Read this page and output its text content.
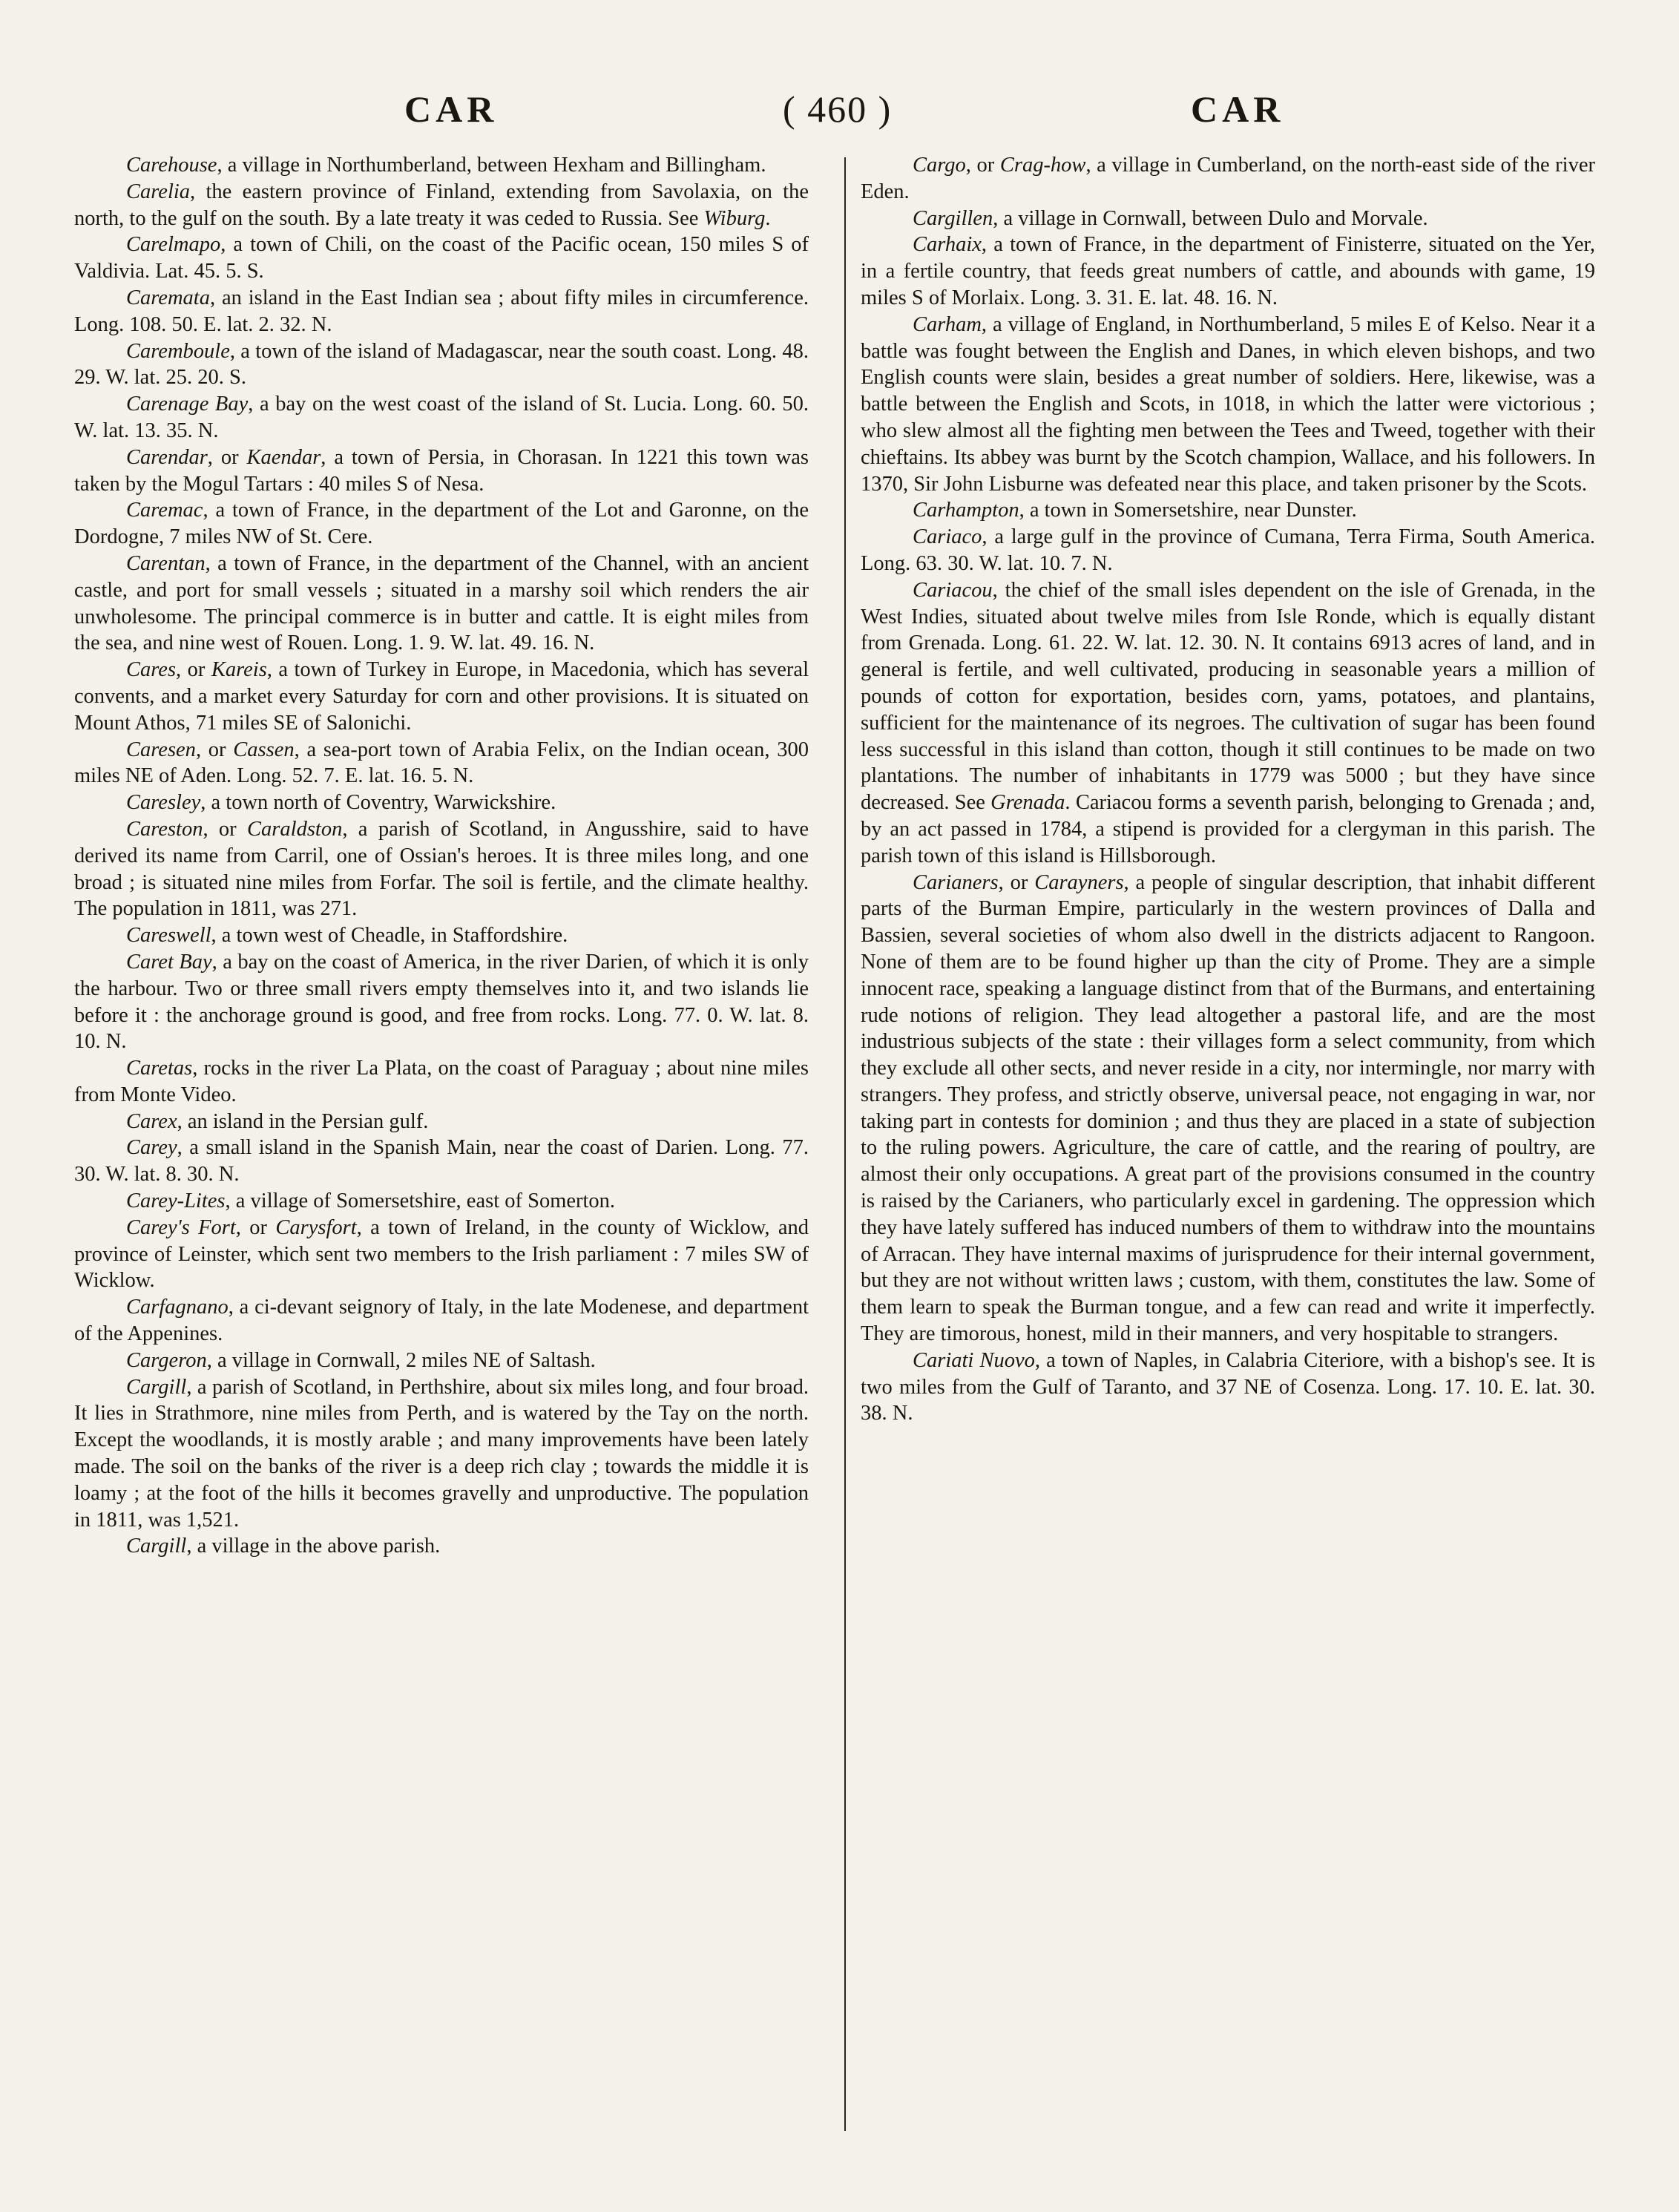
CAR	( 460 )	CAR

Carehouse, a village in Northumberland, between Hexham and Billingham.

Carelia, the eastern province of Finland, extending from Savolaxia, on the north, to the gulf on the south. By a late treaty it was ceded to Russia. See Wiburg.

Carelmapo, a town of Chili, on the coast of the Pacific ocean, 150 miles S of Valdivia. Lat. 45. 5. S.

Caremata, an island in the East Indian sea ; about fifty miles in circumference. Long. 108. 50. E. lat. 2. 32. N.

Caremboule, a town of the island of Madagascar, near the south coast. Long. 48. 29. W. lat. 25. 20. S.

Carenage Bay, a bay on the west coast of the island of St. Lucia. Long. 60. 50. W. lat. 13. 35. N.

Carendar, or Kaendar, a town of Persia, in Chorasan. In 1221 this town was taken by the Mogul Tartars : 40 miles S of Nesa.

Caremac, a town of France, in the department of the Lot and Garonne, on the Dordogne, 7 miles NW of St. Cere.

Carentan, a town of France, in the department of the Channel, with an ancient castle, and port for small vessels ; situated in a marshy soil which renders the air unwholesome. The principal commerce is in butter and cattle. It is eight miles from the sea, and nine west of Rouen. Long. 1. 9. W. lat. 49. 16. N.

Cares, or Kareis, a town of Turkey in Europe, in Macedonia, which has several convents, and a market every Saturday for corn and other provisions. It is situated on Mount Athos, 71 miles SE of Salonichi.

Caresen, or Cassen, a sea-port town of Arabia Felix, on the Indian ocean, 300 miles NE of Aden. Long. 52. 7. E. lat. 16. 5. N.

Caresley, a town north of Coventry, Warwickshire.

Careston, or Caraldston, a parish of Scotland, in Angusshire, said to have derived its name from Carril, one of Ossian's heroes. It is three miles long, and one broad ; is situated nine miles from Forfar. The soil is fertile, and the climate healthy. The population in 1811, was 271.

Careswell, a town west of Cheadle, in Staffordshire.

Caret Bay, a bay on the coast of America, in the river Darien, of which it is only the harbour. Two or three small rivers empty themselves into it, and two islands lie before it : the anchorage ground is good, and free from rocks. Long. 77. 0. W. lat. 8. 10. N.

Caretas, rocks in the river La Plata, on the coast of Paraguay ; about nine miles from Monte Video.

Carex, an island in the Persian gulf.

Carey, a small island in the Spanish Main, near the coast of Darien. Long. 77. 30. W. lat. 8. 30. N.

Carey-Lites, a village of Somersetshire, east of Somerton.

Carey's Fort, or Carysfort, a town of Ireland, in the county of Wicklow, and province of Leinster, which sent two members to the Irish parliament : 7 miles SW of Wicklow.

Carfagnano, a ci-devant seignory of Italy, in the late Modenese, and department of the Appenines.

Cargeron, a village in Cornwall, 2 miles NE of Saltash.

Cargill, a parish of Scotland, in Perthshire, about six miles long, and four broad. It lies in Strathmore, nine miles from Perth, and is watered by the Tay on the north. Except the woodlands, it is mostly arable ; and many improvements have been lately made. The soil on the banks of the river is a deep rich clay ; towards the middle it is loamy ; at the foot of the hills it becomes gravelly and unproductive. The population in 1811, was 1,521.

Cargill, a village in the above parish.

Cargo, or Crag-how, a village in Cumberland, on the north-east side of the river Eden.

Cargillen, a village in Cornwall, between Dulo and Morvale.

Carhaix, a town of France, in the department of Finisterre, situated on the Yer, in a fertile country, that feeds great numbers of cattle, and abounds with game, 19 miles S of Morlaix. Long. 3. 31. E. lat. 48. 16. N.

Carham, a village of England, in Northumberland, 5 miles E of Kelso. Near it a battle was fought between the English and Danes, in which eleven bishops, and two English counts were slain, besides a great number of soldiers. Here, likewise, was a battle between the English and Scots, in 1018, in which the latter were victorious ; who slew almost all the fighting men between the Tees and Tweed, together with their chieftains. Its abbey was burnt by the Scotch champion, Wallace, and his followers. In 1370, Sir John Lisburne was defeated near this place, and taken prisoner by the Scots.

Carhampton, a town in Somersetshire, near Dunster.

Cariaco, a large gulf in the province of Cumana, Terra Firma, South America. Long. 63. 30. W. lat. 10. 7. N.

Cariacou, the chief of the small isles dependent on the isle of Grenada, in the West Indies, situated about twelve miles from Isle Ronde, which is equally distant from Grenada. Long. 61. 22. W. lat. 12. 30. N. It contains 6913 acres of land, and in general is fertile, and well cultivated, producing in seasonable years a million of pounds of cotton for exportation, besides corn, yams, potatoes, and plantains, sufficient for the maintenance of its negroes. The cultivation of sugar has been found less successful in this island than cotton, though it still continues to be made on two plantations. The number of inhabitants in 1779 was 5000 ; but they have since decreased. See Grenada. Cariacou forms a seventh parish, belonging to Grenada ; and, by an act passed in 1784, a stipend is provided for a clergyman in this parish. The parish town of this island is Hillsborough.

Carianers, or Carayners, a people of singular description, that inhabit different parts of the Burman Empire, particularly in the western provinces of Dalla and Bassien, several societies of whom also dwell in the districts adjacent to Rangoon. None of them are to be found higher up than the city of Prome. They are a simple innocent race, speaking a language distinct from that of the Burmans, and entertaining rude notions of religion. They lead altogether a pastoral life, and are the most industrious subjects of the state : their villages form a select community, from which they exclude all other sects, and never reside in a city, nor intermingle, nor marry with strangers. They profess, and strictly observe, universal peace, not engaging in war, nor taking part in contests for dominion ; and thus they are placed in a state of subjection to the ruling powers. Agriculture, the care of cattle, and the rearing of poultry, are almost their only occupations. A great part of the provisions consumed in the country is raised by the Carianers, who particularly excel in gardening. The oppression which they have lately suffered has induced numbers of them to withdraw into the mountains of Arracan. They have internal maxims of jurisprudence for their internal government, but they are not without written laws ; custom, with them, constitutes the law. Some of them learn to speak the Burman tongue, and a few can read and write it imperfectly. They are timorous, honest, mild in their manners, and very hospitable to strangers.

Cariati Nuovo, a town of Naples, in Calabria Citeriore, with a bishop's see. It is two miles from the Gulf of Taranto, and 37 NE of Cosenza. Long. 17. 10. E. lat. 30. 38. N.
